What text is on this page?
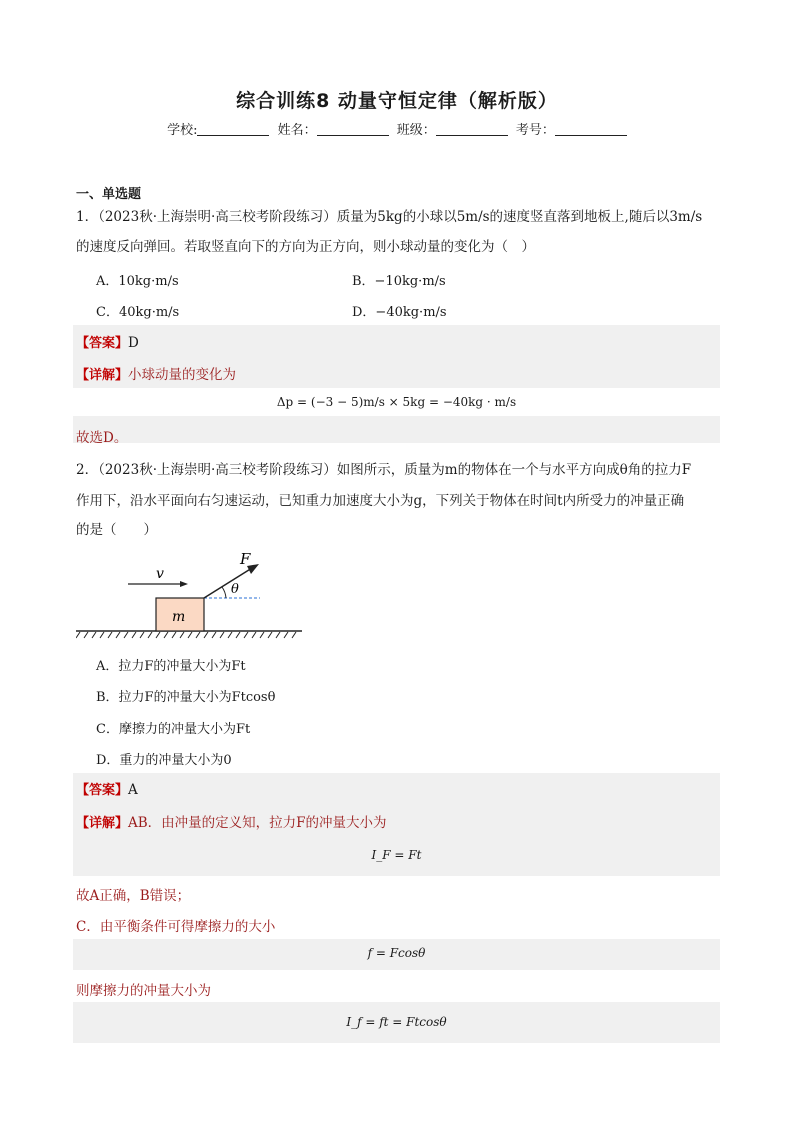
综合训练8 动量守恒定律（解析版）
学校:	姓名：	班级：	考号：
一、单选题
1．（2023秋·上海崇明·高三校考阶段练习）质量为5kg的小球以5m/s的速度竖直落到地板上,随后以3m/s
的速度反向弹回。若取竖直向下的方向为正方向，则小球动量的变化为（　）
A．10kg·m/s	B．−10kg·m/s
C．40kg·m/s	D．−40kg·m/s
【答案】D
【详解】小球动量的变化为
Δp = (−3 − 5)m/s × 5kg = −40kg · m/s
故选D。
2．（2023秋·上海崇明·高三校考阶段练习）如图所示，质量为m的物体在一个与水平方向成θ角的拉力F
作用下，沿水平面向右匀速运动，已知重力加速度大小为g，下列关于物体在时间t内所受力的冲量正确
的是（　　）
m
v
F
θ
A．拉力F的冲量大小为Ft
B．拉力F的冲量大小为Ftcosθ
C．摩擦力的冲量大小为Ft
D．重力的冲量大小为0
【答案】A
【详解】AB．由冲量的定义知，拉力F的冲量大小为
I_F = Ft
故A正确，B错误；
C．由平衡条件可得摩擦力的大小
f = Fcosθ
则摩擦力的冲量大小为
I_f = ft = Ftcosθ
